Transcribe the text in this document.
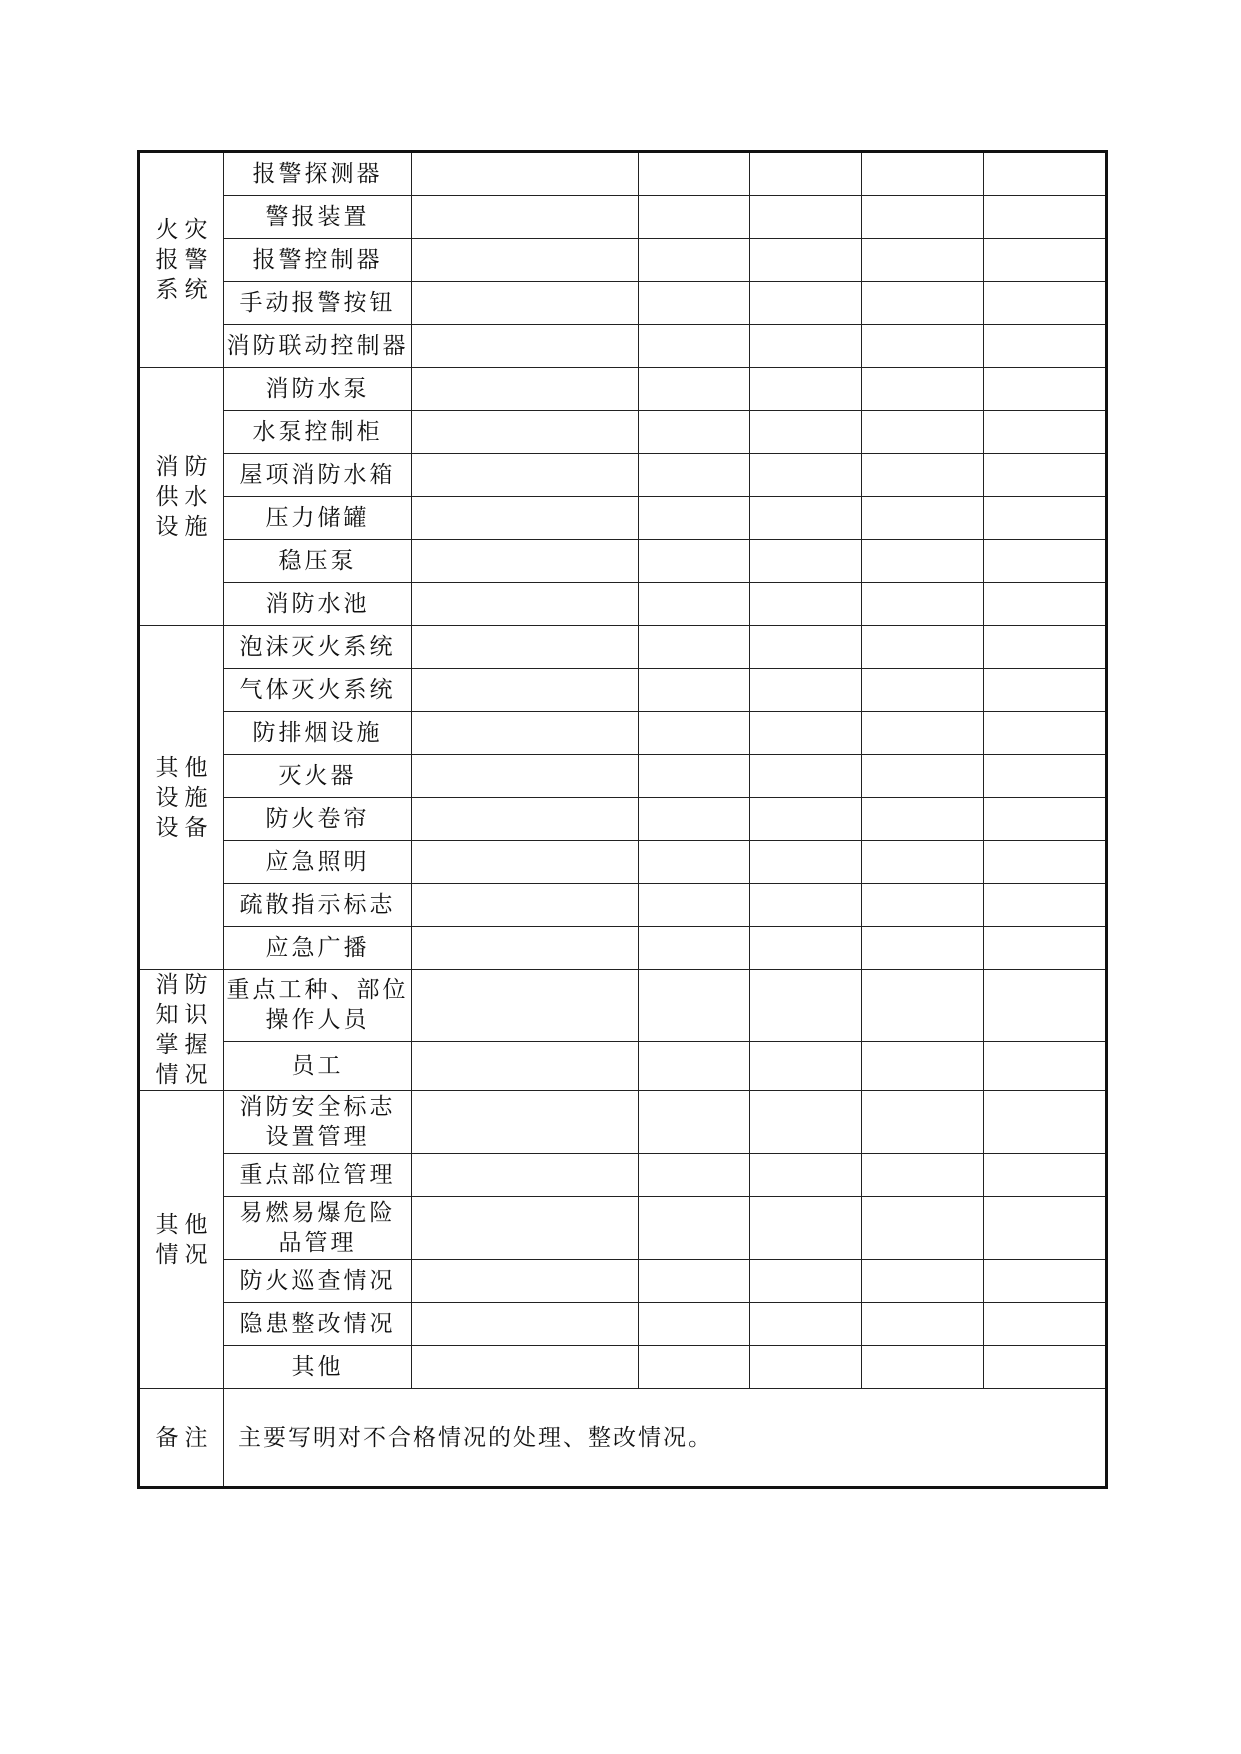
火灾
报警
系统	报警探测器					
	警报装置					
	报警控制器					
	手动报警按钮					
	消防联动控制器					
消防
供水
设施	消防水泵					
	水泵控制柜					
	屋项消防水箱					
	压力储罐					
	稳压泵					
	消防水池					
其他
设施
设备	泡沫灭火系统					
	气体灭火系统					
	防排烟设施					
	灭火器					
	防火卷帘					
	应急照明					
	疏散指示标志					
	应急广播					
消防
知识
掌握
情况	重点工种、部位
操作人员					
	员工					
其他
情况	消防安全标志
设置管理					
	重点部位管理					
	易燃易爆危险
品管理					
	防火巡查情况					
	隐患整改情况					
	其他					
备注	主要写明对不合格情况的处理、整改情况。					
